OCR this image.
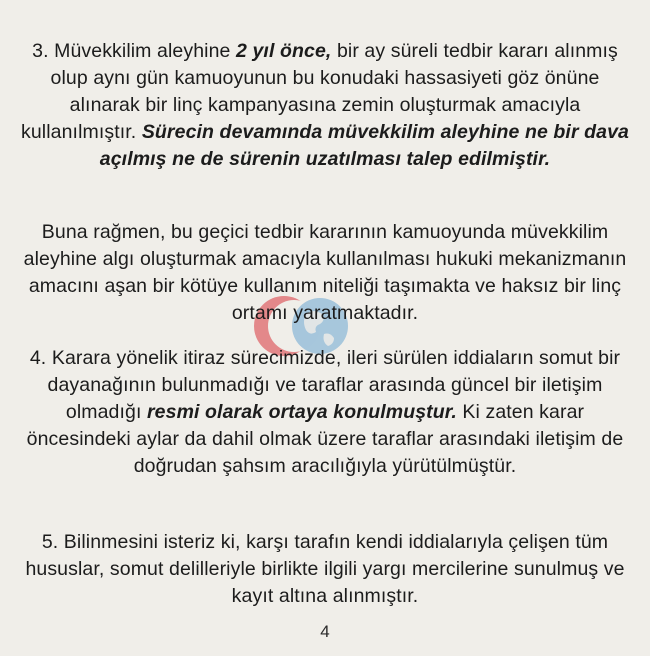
3. Müvekkilim aleyhine 2 yıl önce, bir ay süreli tedbir kararı alınmış olup aynı gün kamuoyunun bu konudaki hassasiyeti göz önüne alınarak bir linç kampanyasına zemin oluşturmak amacıyla kullanılmıştır. Sürecin devamında müvekkilim aleyhine ne bir dava açılmış ne de sürenin uzatılması talep edilmiştir.
Buna rağmen, bu geçici tedbir kararının kamuoyunda müvekkilim aleyhine algı oluşturmak amacıyla kullanılması hukuki mekanizmanın amacını aşan bir kötüye kullanım niteliği taşımakta ve haksız bir linç ortamı yaratmaktadır.
4. Karara yönelik itiraz sürecimizde, ileri sürülen iddiaların somut bir dayanağının bulunmadığı ve taraflar arasında güncel bir iletişim olmadığı resmi olarak ortaya konulmuştur. Ki zaten karar öncesindeki aylar da dahil olmak üzere taraflar arasındaki iletişim de doğrudan şahsım aracılığıyla yürütülmüştür.
5. Bilinmesini isteriz ki, karşı tarafın kendi iddialarıyla çelişen tüm hususlar, somut delilleriyle birlikte ilgili yargı mercilerine sunulmuş ve kayıt altına alınmıştır.
4
